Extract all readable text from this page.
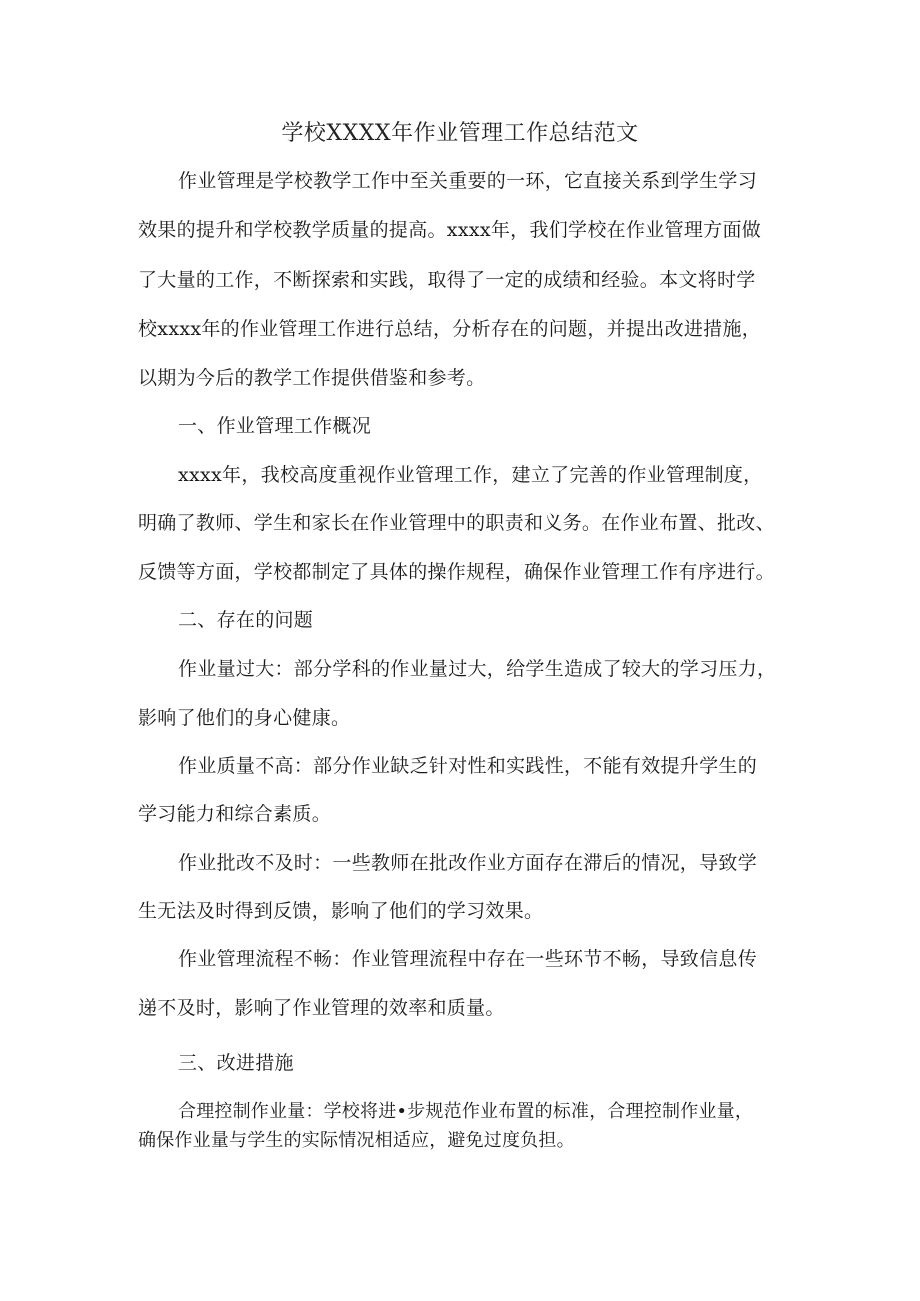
学校XXXX年作业管理工作总结范文
作业管理是学校教学工作中至关重要的一环，它直接关系到学生学习
效果的提升和学校教学质量的提高。xxxx年，我们学校在作业管理方面做
了大量的工作，不断探索和实践，取得了一定的成绩和经验。本文将时学
校xxxx年的作业管理工作进行总结，分析存在的问题，并提出改进措施，
以期为今后的教学工作提供借鉴和参考。
一、作业管理工作概况
xxxx年，我校高度重视作业管理工作，建立了完善的作业管理制度，
明确了教师、学生和家长在作业管理中的职责和义务。在作业布置、批改、
反馈等方面，学校都制定了具体的操作规程，确保作业管理工作有序进行。
二、存在的问题
作业量过大：部分学科的作业量过大，给学生造成了较大的学习压力，
影响了他们的身心健康。
作业质量不高：部分作业缺乏针对性和实践性，不能有效提升学生的
学习能力和综合素质。
作业批改不及时：一些教师在批改作业方面存在滞后的情况，导致学
生无法及时得到反馈，影响了他们的学习效果。
作业管理流程不畅：作业管理流程中存在一些环节不畅，导致信息传
递不及时，影响了作业管理的效率和质量。
三、改进措施
合理控制作业量：学校将进•步规范作业布置的标准，合理控制作业量，
确保作业量与学生的实际情况相适应，避免过度负担。
